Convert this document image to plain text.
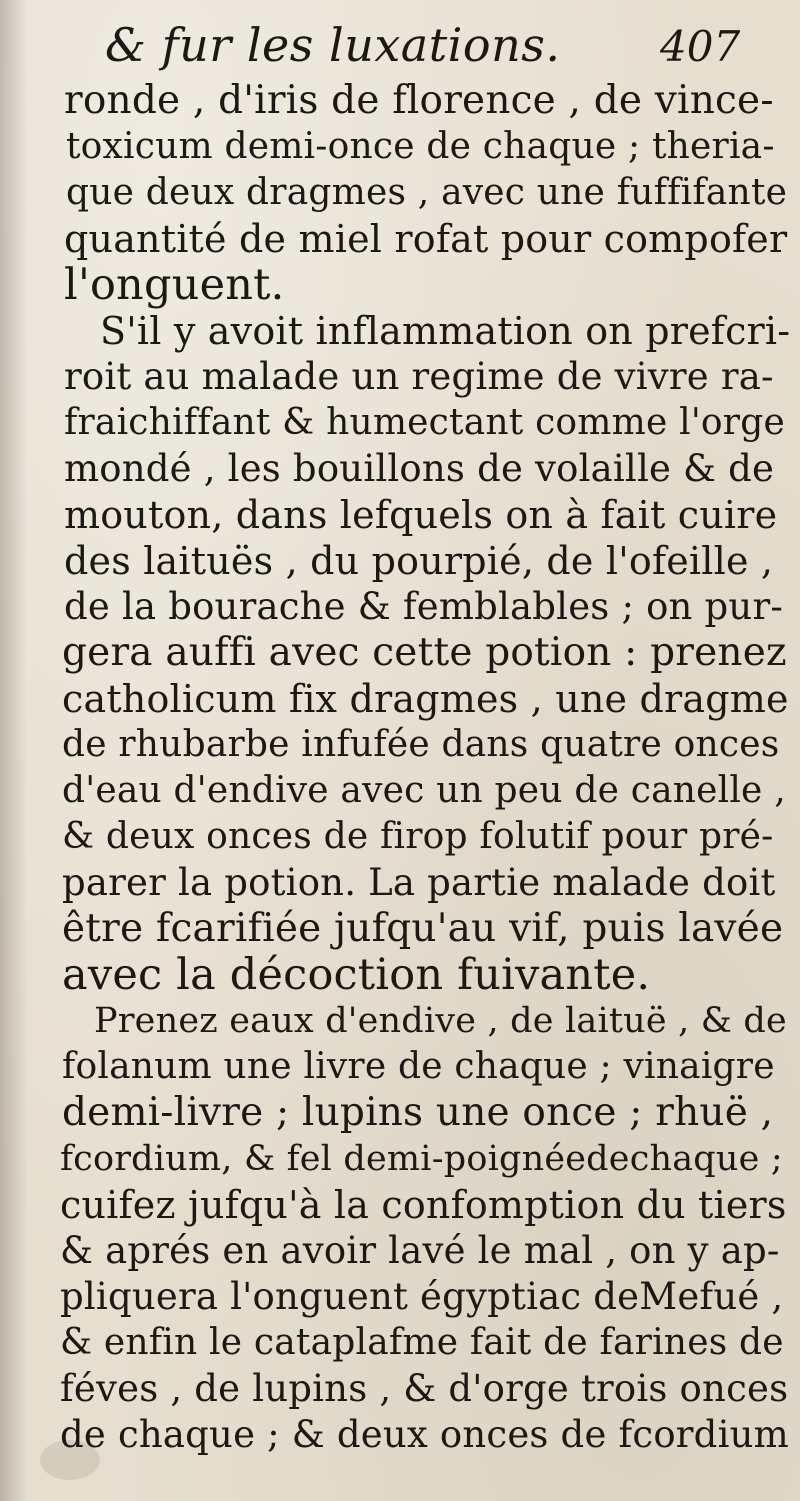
& fur les luxations. 407
ronde , d'iris de florence , de vince-
toxicum demi-once de chaque ; theria-
que deux dragmes , avec une fuffifante
quantité de miel rofat pour compofer
l'onguent.
S'il y avoit inflammation on prefcri-
roit au malade un regime de vivre ra-
fraichiffant & humectant comme l'orge
mondé , les bouillons de volaille & de
mouton, dans lefquels on à fait cuire
des laituës , du pourpié, de l'ofeille ,
de la bourache & femblables ; on pur-
gera auffi avec cette potion : prenez
catholicum fix dragmes , une dragme
de rhubarbe infufée dans quatre onces
d'eau d'endive avec un peu de canelle ,
& deux onces de firop folutif pour pré-
parer la potion. La partie malade doit
être fcarifiée jufqu'au vif, puis lavée
avec la décoction fuivante.
Prenez eaux d'endive , de laituë , & de
folanum une livre de chaque ; vinaigre
demi-livre ; lupins une once ; rhuë ,
fcordium, & fel demi-poignéedechaque ;
cuifez jufqu'à la confomption du tiers
& aprés en avoir lavé le mal , on y ap-
pliquera l'onguent égyptiac deMefué ,
& enfin le cataplafme fait de farines de
féves , de lupins , & d'orge trois onces
de chaque ; & deux onces de fcordium
